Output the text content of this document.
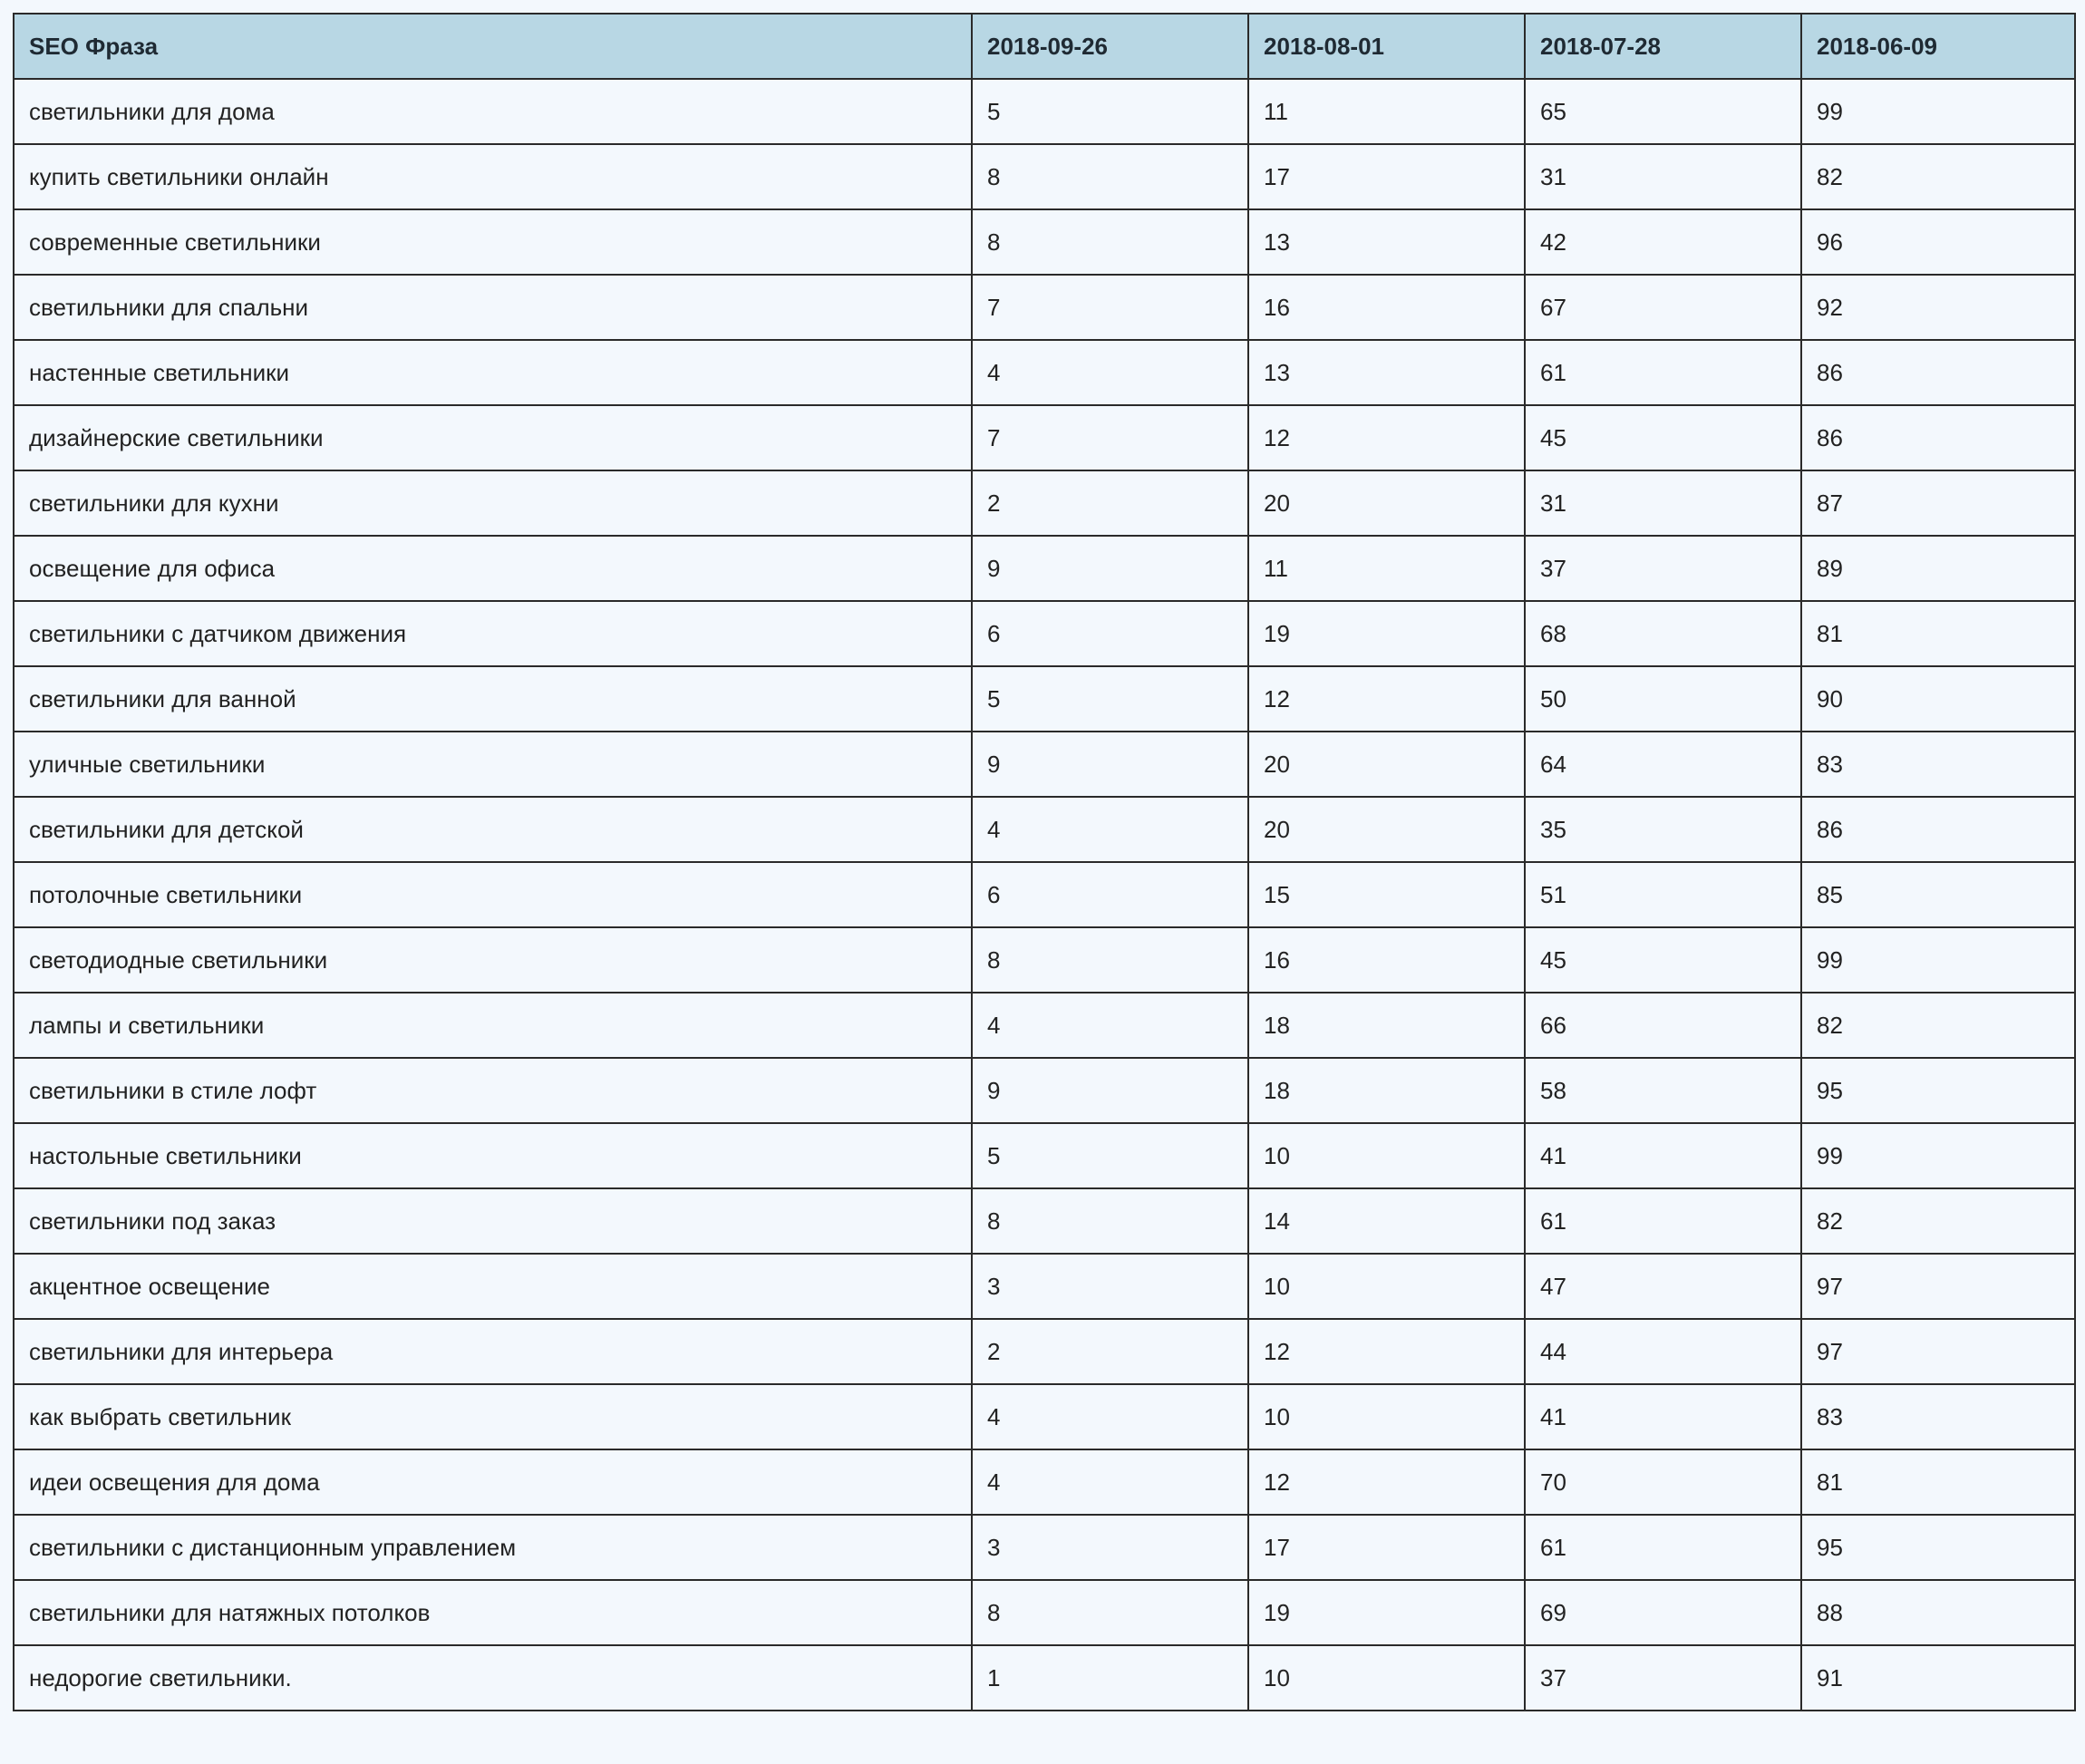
SEO Фраза	2018-09-26	2018-08-01	2018-07-28	2018-06-09
светильники для дома	5	11	65	99
купить светильники онлайн	8	17	31	82
современные светильники	8	13	42	96
светильники для спальни	7	16	67	92
настенные светильники	4	13	61	86
дизайнерские светильники	7	12	45	86
светильники для кухни	2	20	31	87
освещение для офиса	9	11	37	89
светильники с датчиком движения	6	19	68	81
светильники для ванной	5	12	50	90
уличные светильники	9	20	64	83
светильники для детской	4	20	35	86
потолочные светильники	6	15	51	85
светодиодные светильники	8	16	45	99
лампы и светильники	4	18	66	82
светильники в стиле лофт	9	18	58	95
настольные светильники	5	10	41	99
светильники под заказ	8	14	61	82
акцентное освещение	3	10	47	97
светильники для интерьера	2	12	44	97
как выбрать светильник	4	10	41	83
идеи освещения для дома	4	12	70	81
светильники с дистанционным управлением	3	17	61	95
светильники для натяжных потолков	8	19	69	88
недорогие светильники.	1	10	37	91
